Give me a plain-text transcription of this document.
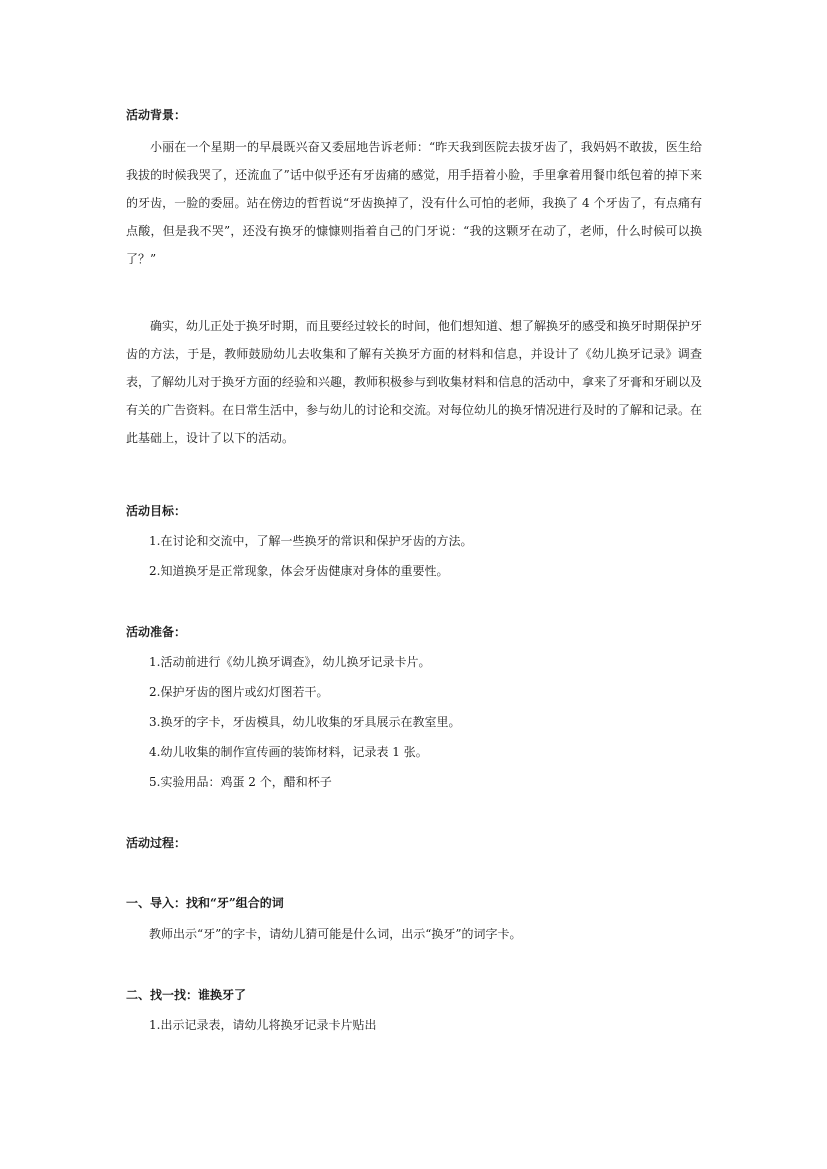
活动背景：

小丽在一个星期一的早晨既兴奋又委屈地告诉老师：“昨天我到医院去拔牙齿了，我妈妈不敢拔，医生给我拔的时候我哭了，还流血了”话中似乎还有牙齿痛的感觉，用手捂着小脸，手里拿着用餐巾纸包着的掉下来的牙齿，一脸的委屈。站在傍边的哲哲说“牙齿换掉了，没有什么可怕的老师，我换了 4 个牙齿了，有点痛有点酸，但是我不哭”，还没有换牙的慷慷则指着自己的门牙说：“我的这颗牙在动了，老师，什么时候可以换了？”

确实，幼儿正处于换牙时期，而且要经过较长的时间，他们想知道、想了解换牙的感受和换牙时期保护牙齿的方法，于是，教师鼓励幼儿去收集和了解有关换牙方面的材料和信息，并设计了《幼儿换牙记录》调查表，了解幼儿对于换牙方面的经验和兴趣，教师积极参与到收集材料和信息的活动中，拿来了牙膏和牙刷以及有关的广告资料。在日常生活中，参与幼儿的讨论和交流。对每位幼儿的换牙情况进行及时的了解和记录。在此基础上，设计了以下的活动。

活动目标：
1.在讨论和交流中，了解一些换牙的常识和保护牙齿的方法。
2.知道换牙是正常现象，体会牙齿健康对身体的重要性。
活动准备：
1.活动前进行《幼儿换牙调查》，幼儿换牙记录卡片。
2.保护牙齿的图片或幻灯图若干。
3.换牙的字卡，牙齿模具，幼儿收集的牙具展示在教室里。
4.幼儿收集的制作宣传画的装饰材料，记录表 1 张。
5.实验用品：鸡蛋 2 个，醋和杯子
活动过程：
一、导入：找和“牙”组合的词
教师出示“牙”的字卡，请幼儿猜可能是什么词，出示“换牙”的词字卡。
二、找一找：谁换牙了
1.出示记录表，请幼儿将换牙记录卡片贴出
